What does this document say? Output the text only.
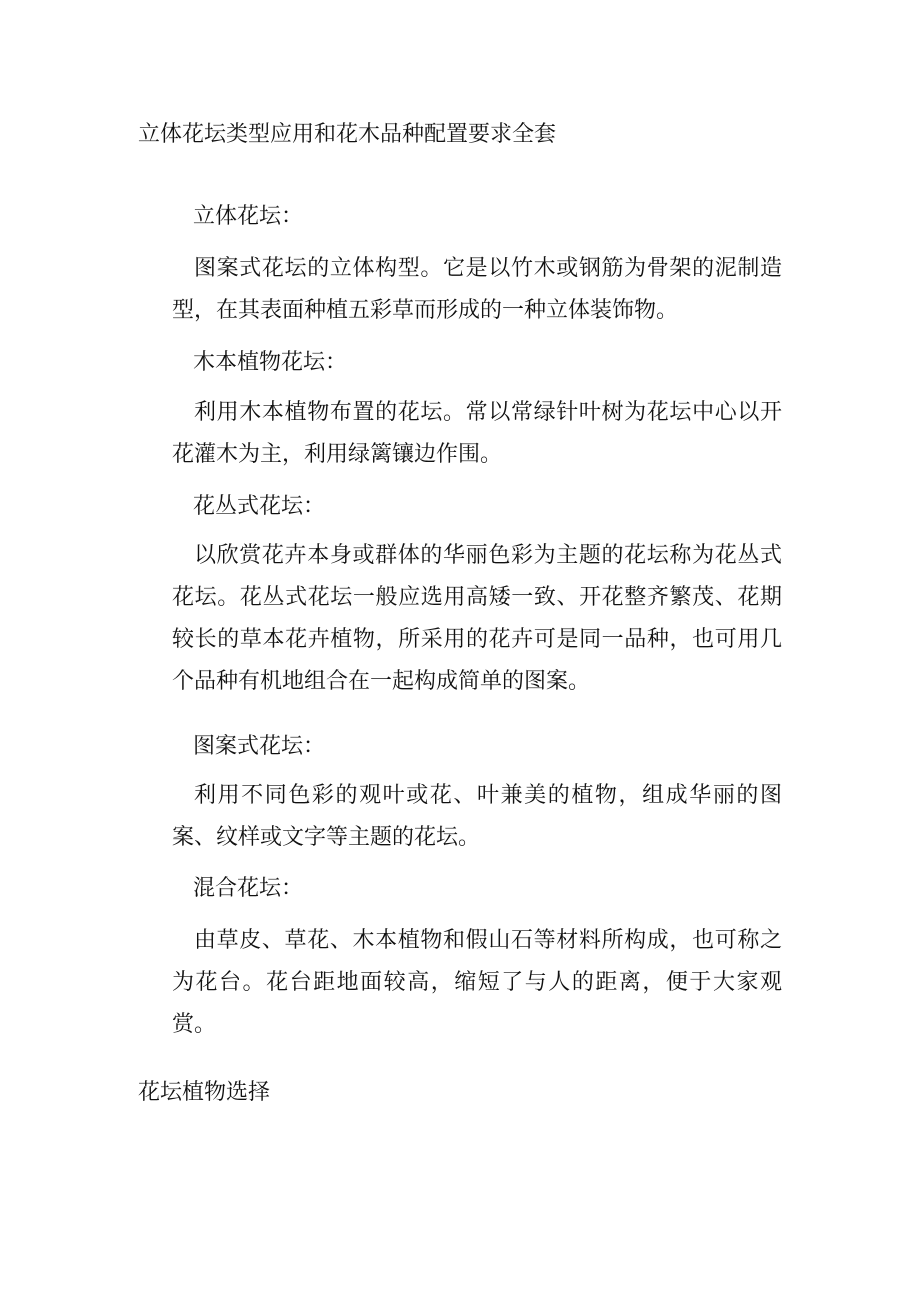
立体花坛类型应用和花木品种配置要求全套
立体花坛：

图案式花坛的立体构型。它是以竹木或钢筋为骨架的泥制造型，在其表面种植五彩草而形成的一种立体装饰物。

木本植物花坛：

利用木本植物布置的花坛。常以常绿针叶树为花坛中心以开花灌木为主，利用绿篱镶边作围。

花丛式花坛：

以欣赏花卉本身或群体的华丽色彩为主题的花坛称为花丛式花坛。花丛式花坛一般应选用高矮一致、开花整齐繁茂、花期较长的草本花卉植物，所采用的花卉可是同一品种，也可用几个品种有机地组合在一起构成简单的图案。

图案式花坛：

利用不同色彩的观叶或花、叶兼美的植物，组成华丽的图案、纹样或文字等主题的花坛。

混合花坛：

由草皮、草花、木本植物和假山石等材料所构成，也可称之为花台。花台距地面较高，缩短了与人的距离，便于大家观赏。

花坛植物选择
